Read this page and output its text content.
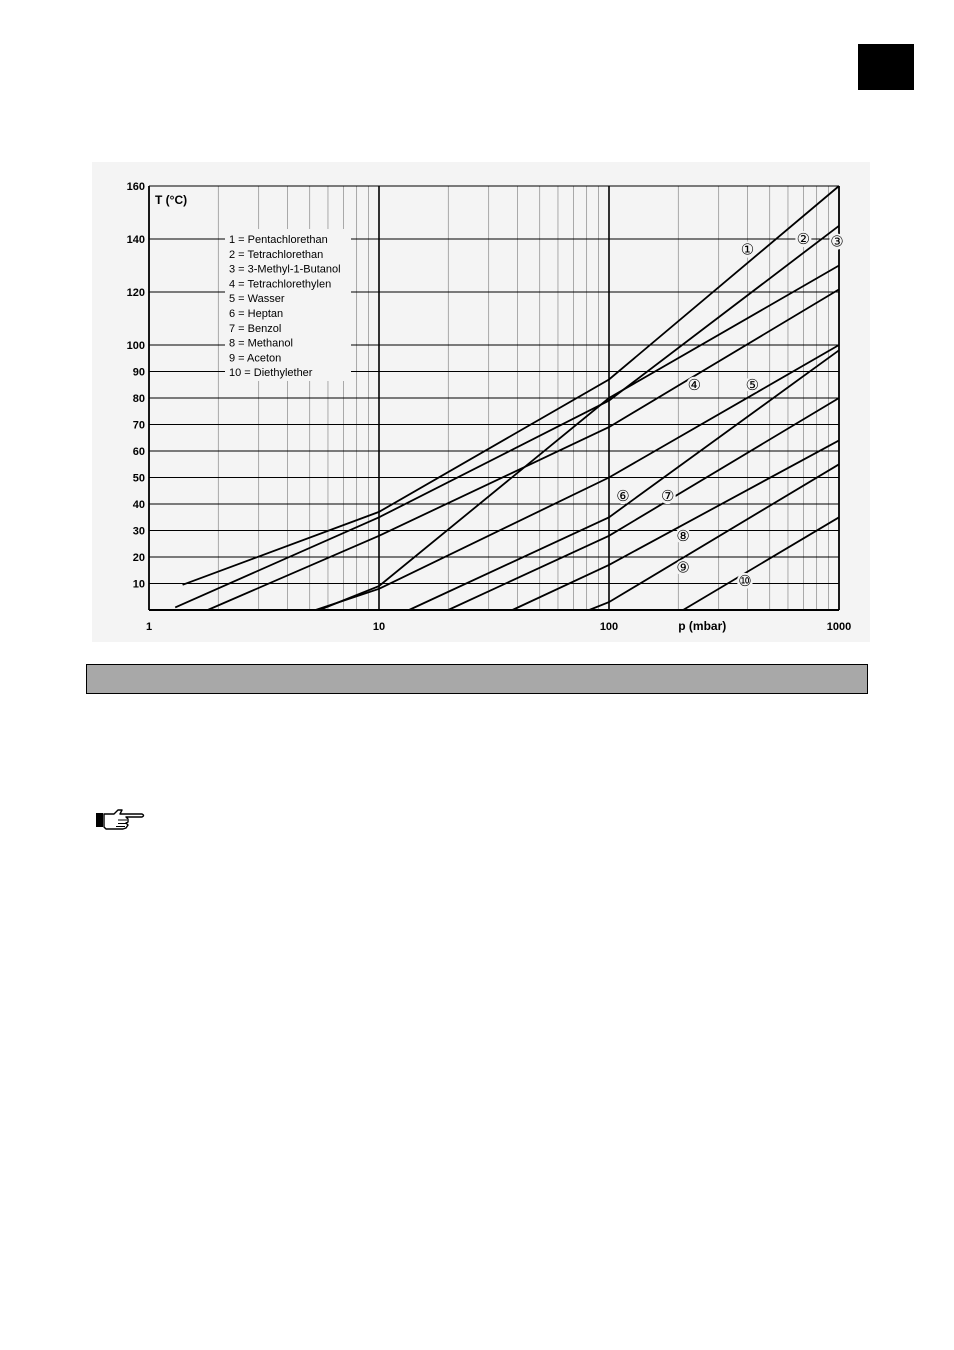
10
20
30
40
50
60
70
80
90
100
120
140
160
1	10	100	1000
T (°C)
p (mbar)
1 = Pentachlorethan
2 = Tetrachlorethan
3 = 3-Methyl-1-Butanol
4 = Tetrachlorethylen
5 = Wasser
6 = Heptan
7 = Benzol
8 = Methanol
9 = Aceton
10 = Diethylether
①
② ③
④	⑤
⑥ ⑦
⑧
⑨
⑩
